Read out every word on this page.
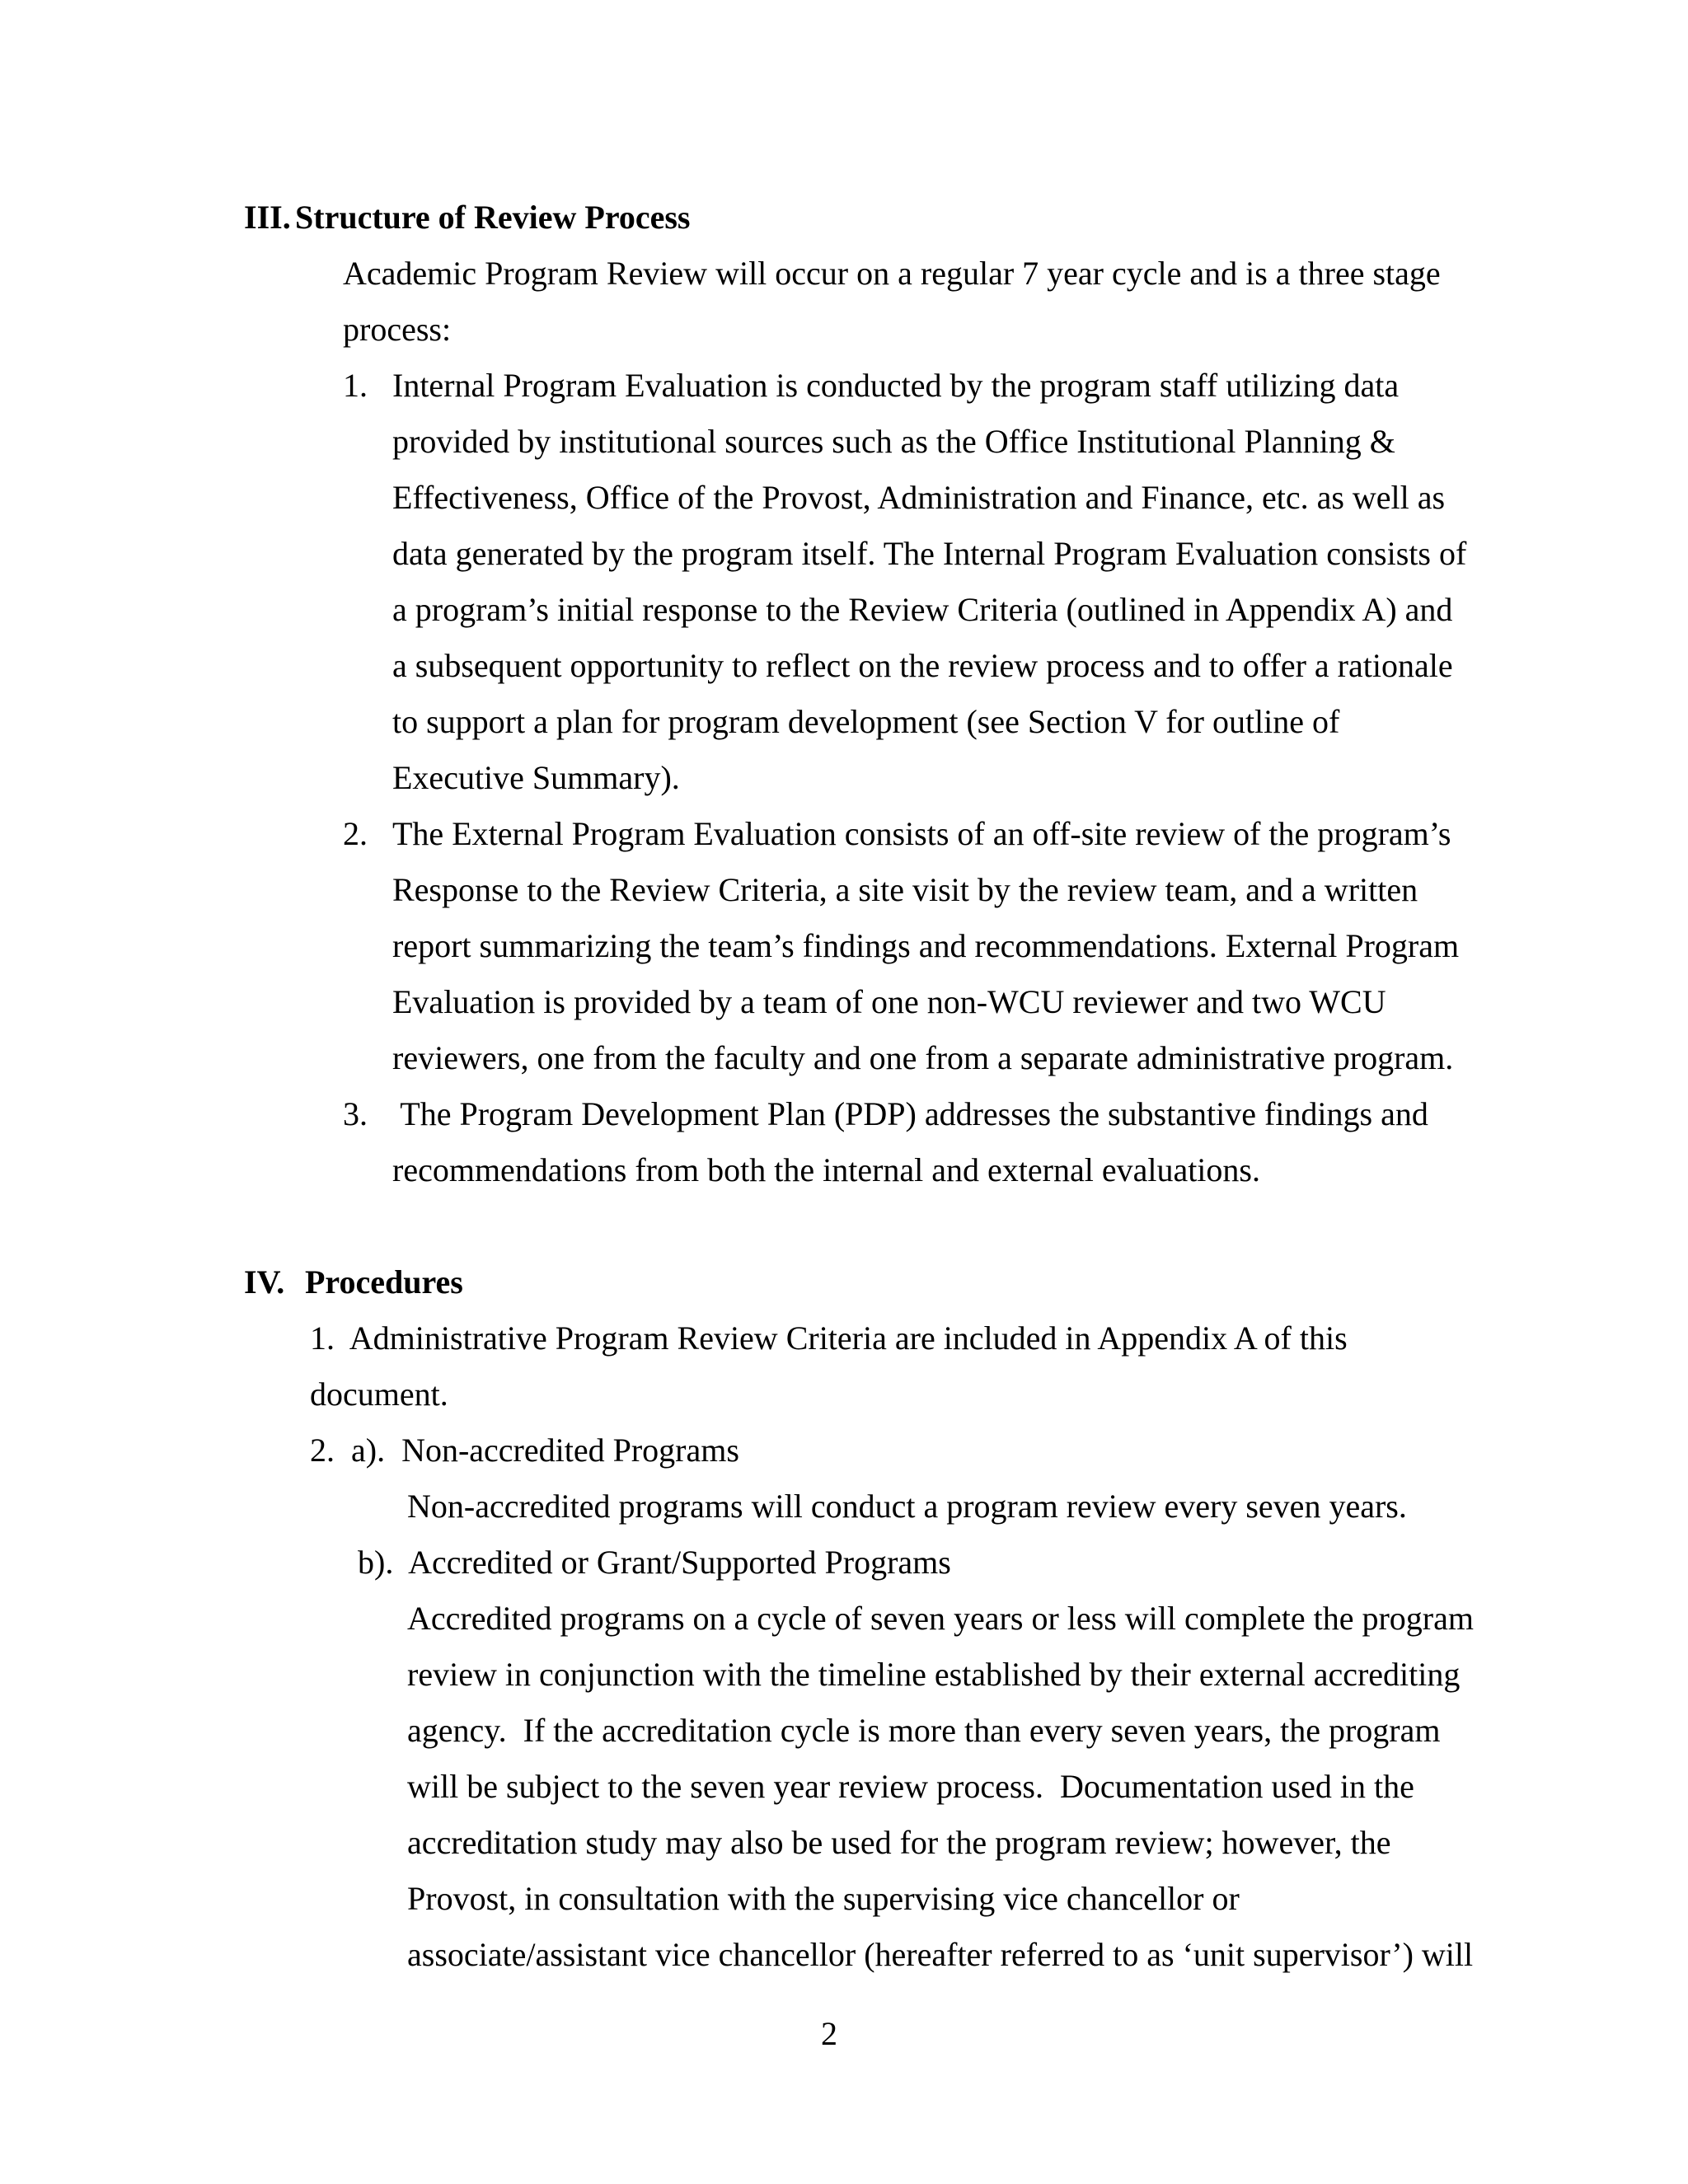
III. Structure of Review Process
Academic Program Review will occur on a regular 7 year cycle and is a three stage
process:
1. Internal Program Evaluation is conducted by the program staff utilizing data
provided by institutional sources such as the Office Institutional Planning &
Effectiveness, Office of the Provost, Administration and Finance, etc. as well as
data generated by the program itself. The Internal Program Evaluation consists of
a program’s initial response to the Review Criteria (outlined in Appendix A) and
a subsequent opportunity to reflect on the review process and to offer a rationale
to support a plan for program development (see Section V for outline of
Executive Summary).
2. The External Program Evaluation consists of an off-site review of the program’s
Response to the Review Criteria, a site visit by the review team, and a written
report summarizing the team’s findings and recommendations. External Program
Evaluation is provided by a team of one non-WCU reviewer and two WCU
reviewers, one from the faculty and one from a separate administrative program.
3. The Program Development Plan (PDP) addresses the substantive findings and
recommendations from both the internal and external evaluations.
IV. Procedures
1.  Administrative Program Review Criteria are included in Appendix A of this
document.
2.  a).  Non-accredited Programs
Non-accredited programs will conduct a program review every seven years.
b).  Accredited or Grant/Supported Programs
Accredited programs on a cycle of seven years or less will complete the program
review in conjunction with the timeline established by their external accrediting
agency.  If the accreditation cycle is more than every seven years, the program
will be subject to the seven year review process.  Documentation used in the
accreditation study may also be used for the program review; however, the
Provost, in consultation with the supervising vice chancellor or
associate/assistant vice chancellor (hereafter referred to as ‘unit supervisor’) will
2
